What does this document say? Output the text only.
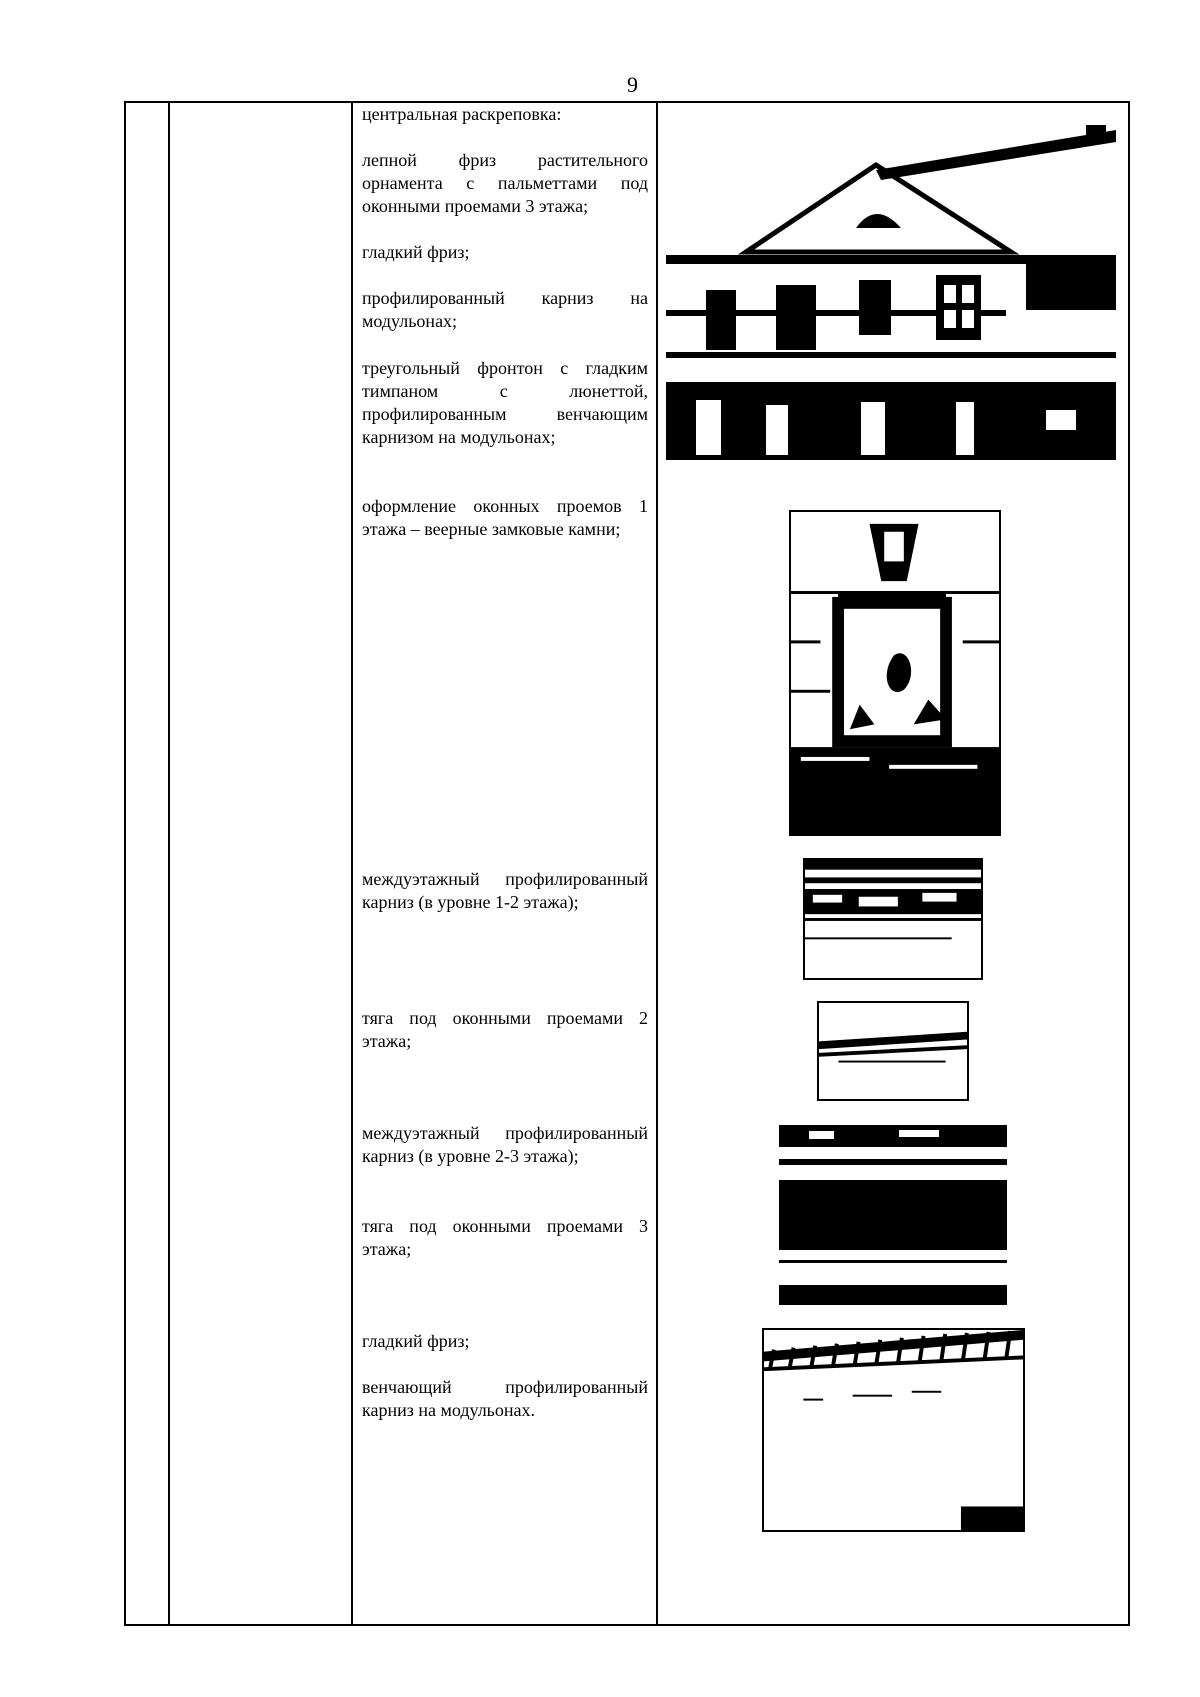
9

центральная раскреповка:

лепной фриз растительного орнамента с пальметтами под оконными проемами 3 этажа;

гладкий фриз;

профилированный карниз на модульонах;

треугольный фронтон с гладким тимпаном с люнеттой, профилированным венчающим карнизом на модульонах;

оформление оконных проемов 1 этажа – веерные замковые камни;

междуэтажный профилированный карниз (в уровне 1-2 этажа);

тяга под оконными проемами 2 этажа;

междуэтажный профилированный карниз (в уровне 2-3 этажа);

тяга под оконными проемами 3 этажа;

гладкий фриз;

венчающий профилированный карниз на модульонах.
